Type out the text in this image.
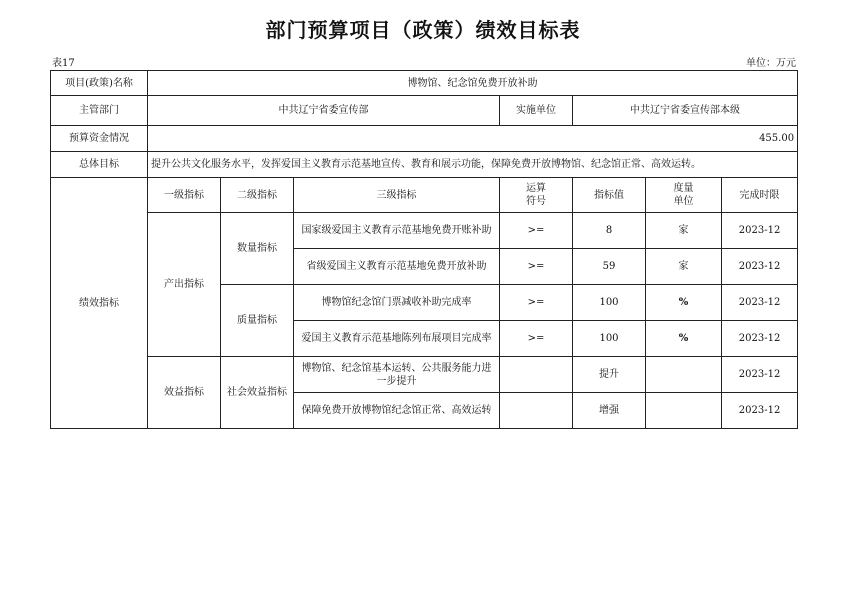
部门预算项目（政策）绩效目标表
表17	单位：万元
项目(政策)名称	博物馆、纪念馆免费开放补助						
主管部门	中共辽宁省委宣传部			实施单位	中共辽宁省委宣传部本级		
预算资金情况	455.00						
总体目标	提升公共文化服务水平，发挥爱国主义教育示范基地宣传、教育和展示功能，保障免费开放博物馆、纪念馆正常、高效运转。						
绩效指标	一级指标	二级指标	三级指标	运算符号	指标值	度量单位	完成时限
	产出指标	数量指标	国家级爱国主义教育示范基地免费开账补助	>=	8	家	2023-12
			省级爱国主义教育示范基地免费开放补助	>=	59	家	2023-12
		质量指标	博物馆纪念馆门票减收补助完成率	>=	100	%	2023-12
			爱国主义教育示范基地陈列布展项目完成率	>=	100	%	2023-12
	效益指标	社会效益指标	博物馆、纪念馆基本运转、公共服务能力进一步提升		提升		2023-12
			保障免费开放博物馆纪念馆正常、高效运转		增强		2023-12
